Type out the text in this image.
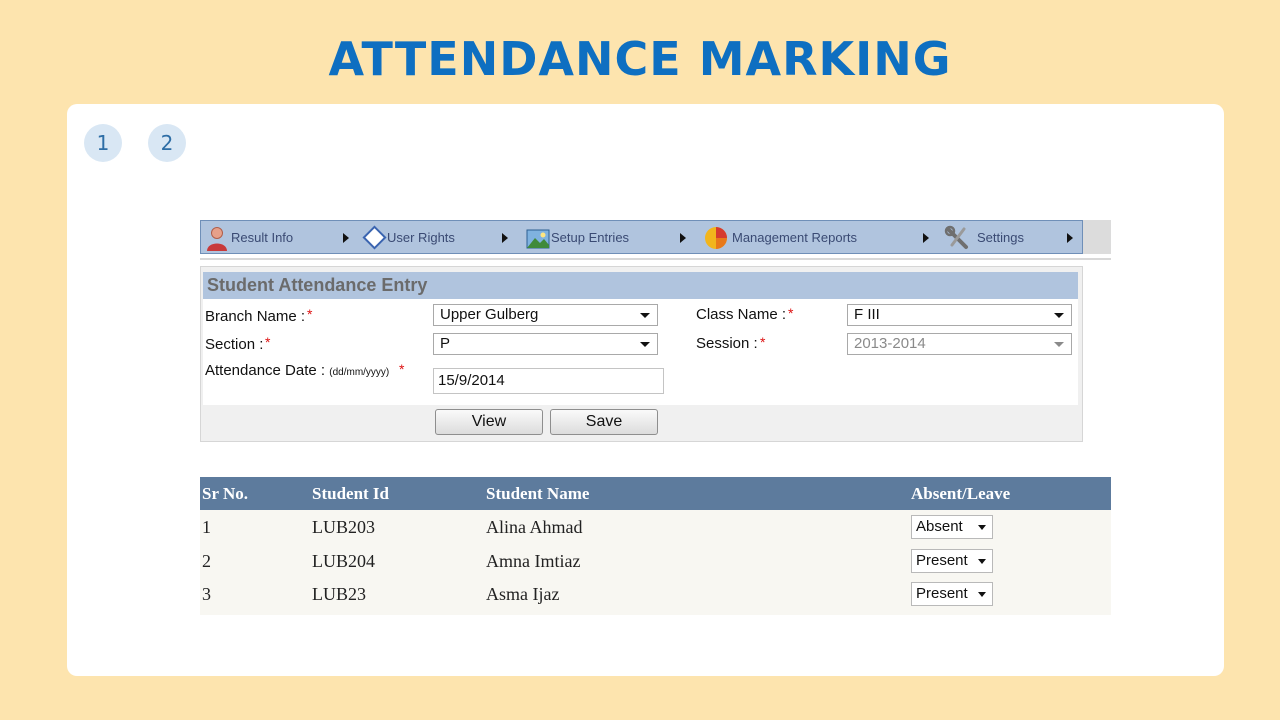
ATTENDANCE MARKING
1	2
Result Info	User Rights	Setup Entries	Management Reports	Settings
Student Attendance Entry
Branch Name : *	Upper Gulberg	Class Name : *	F III
Section : *	P	Session : *	2013-2014
Attendance Date : (dd/mm/yyyy) *
15/9/2014
View	Save
Sr No.	Student Id	Student Name	Absent/Leave
1	LUB203	Alina Ahmad	Absent
2	LUB204	Amna Imtiaz	Present
3	LUB23	Asma Ijaz	Present
